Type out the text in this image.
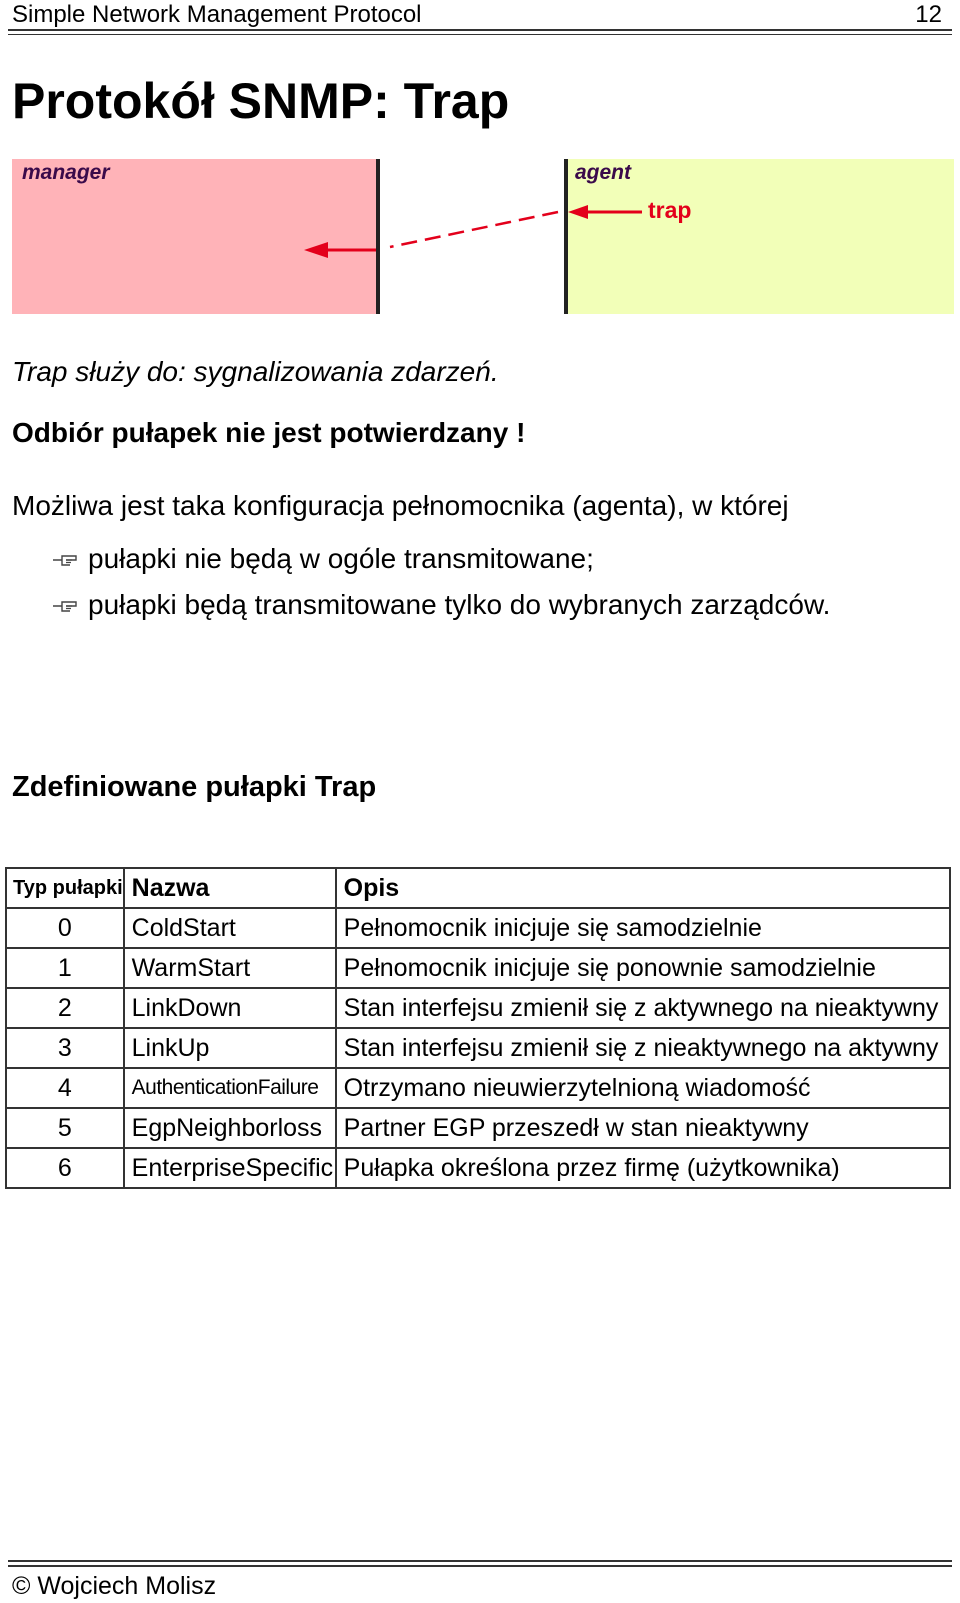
Simple Network Management Protocol	12
Protokół SNMP: Trap
manager	agent
trap
Trap służy do: sygnalizowania zdarzeń.
Odbiór pułapek nie jest potwierdzany !
Możliwa jest taka konfiguracja pełnomocnika (agenta), w której
pułapki nie będą w ogóle transmitowane;
pułapki będą transmitowane tylko do wybranych zarządców.
Zdefiniowane pułapki Trap
Typ pułapki	Nazwa	Opis
0	ColdStart	Pełnomocnik inicjuje się samodzielnie
1	WarmStart	Pełnomocnik inicjuje się ponownie samodzielnie
2	LinkDown	Stan interfejsu zmienił się z aktywnego na nieaktywny
3	LinkUp	Stan interfejsu zmienił się z nieaktywnego na aktywny
4	AuthenticationFailure	Otrzymano nieuwierzytelnioną wiadomość
5	EgpNeighborloss	Partner EGP przeszedł w stan nieaktywny
6	EnterpriseSpecific	Pułapka określona przez firmę (użytkownika)
© Wojciech Molisz
